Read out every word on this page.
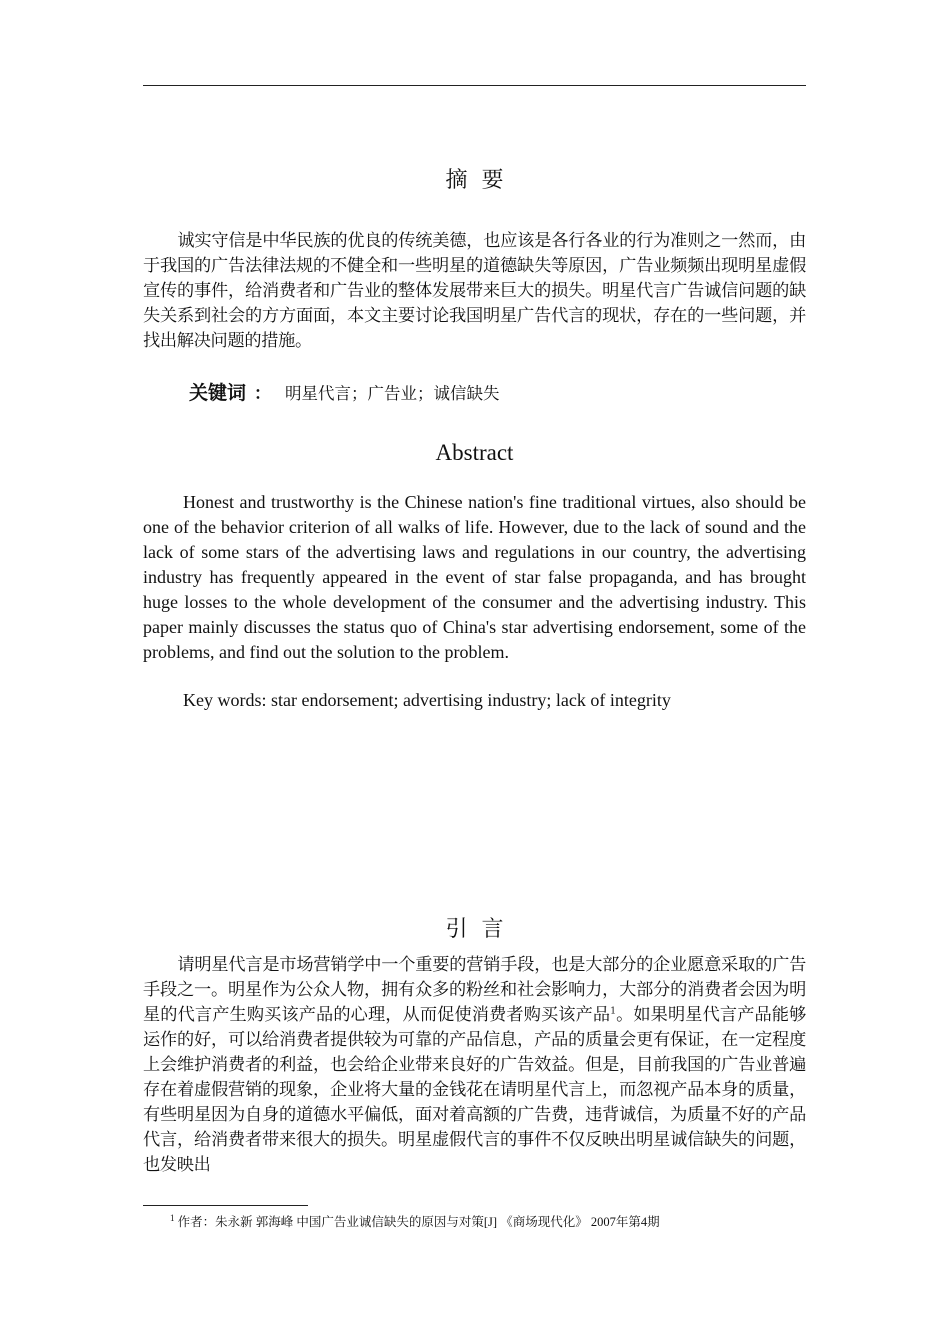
摘要

诚实守信是中华民族的优良的传统美德，也应该是各行各业的行为准则之一然而，由于我国的广告法律法规的不健全和一些明星的道德缺失等原因，广告业频频出现明星虚假宣传的事件，给消费者和广告业的整体发展带来巨大的损失。明星代言广告诚信问题的缺失关系到社会的方方面面，本文主要讨论我国明星广告代言的现状，存在的一些问题，并找出解决问题的措施。

关键词 ： 明星代言；广告业；诚信缺失
Abstract

Honest and trustworthy is the Chinese nation's fine traditional virtues, also should be one of the behavior criterion of all walks of life. However, due to the lack of sound and the lack of some stars of the advertising laws and regulations in our country, the advertising industry has frequently appeared in the event of star false propaganda, and has brought huge losses to the whole development of the consumer and the advertising industry. This paper mainly discusses the status quo of China's star advertising endorsement, some of the problems, and find out the solution to the problem.

Key words: star endorsement; advertising industry; lack of integrity
引言

请明星代言是市场营销学中一个重要的营销手段，也是大部分的企业愿意采取的广告手段之一。明星作为公众人物，拥有众多的粉丝和社会影响力，大部分的消费者会因为明星的代言产生购买该产品的心理，从而促使消费者购买该产品$^1$。如果明星代言产品能够运作的好，可以给消费者提供较为可靠的产品信息，产品的质量会更有保证，在一定程度上会维护消费者的利益，也会给企业带来良好的广告效益。但是，目前我国的广告业普遍存在着虚假营销的现象，企业将大量的金钱花在请明星代言上，而忽视产品本身的质量，有些明星因为自身的道德水平偏低，面对着高额的广告费，违背诚信，为质量不好的产品代言，给消费者带来很大的损失。明星虚假代言的事件不仅反映出明星诚信缺失的问题，也发映出

$^1$ 作者：朱永新 郭海峰 中国广告业诚信缺失的原因与对策[J] 《商场现代化》 2007年第4期
